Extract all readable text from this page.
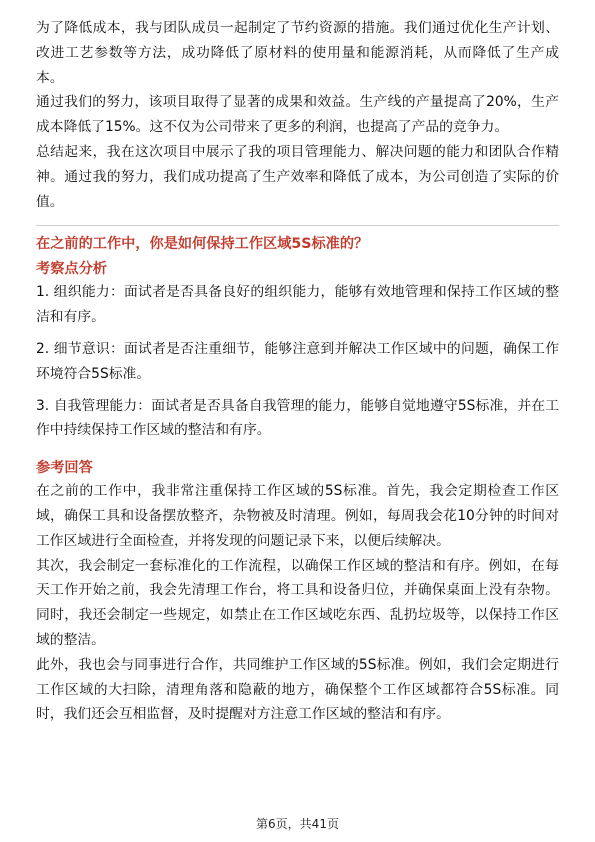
为了降低成本，我与团队成员一起制定了节约资源的措施。我们通过优化生产计划、改进工艺参数等方法，成功降低了原材料的使用量和能源消耗，从而降低了生产成本。

通过我们的努力，该项目取得了显著的成果和效益。生产线的产量提高了20%，生产成本降低了15%。这不仅为公司带来了更多的利润，也提高了产品的竞争力。

总结起来，我在这次项目中展示了我的项目管理能力、解决问题的能力和团队合作精神。通过我的努力，我们成功提高了生产效率和降低了成本，为公司创造了实际的价值。

在之前的工作中，你是如何保持工作区域5S标准的？
考察点分析

1. 组织能力：面试者是否具备良好的组织能力，能够有效地管理和保持工作区域的整洁和有序。

2. 细节意识：面试者是否注重细节，能够注意到并解决工作区域中的问题，确保工作环境符合5S标准。

3. 自我管理能力：面试者是否具备自我管理的能力，能够自觉地遵守5S标准，并在工作中持续保持工作区域的整洁和有序。

参考回答

在之前的工作中，我非常注重保持工作区域的5S标准。首先，我会定期检查工作区域，确保工具和设备摆放整齐，杂物被及时清理。例如，每周我会花10分钟的时间对工作区域进行全面检查，并将发现的问题记录下来，以便后续解决。

其次，我会制定一套标准化的工作流程，以确保工作区域的整洁和有序。例如，在每天工作开始之前，我会先清理工作台，将工具和设备归位，并确保桌面上没有杂物。同时，我还会制定一些规定，如禁止在工作区域吃东西、乱扔垃圾等，以保持工作区域的整洁。

此外，我也会与同事进行合作，共同维护工作区域的5S标准。例如，我们会定期进行工作区域的大扫除，清理角落和隐蔽的地方，确保整个工作区域都符合5S标准。同时，我们还会互相监督，及时提醒对方注意工作区域的整洁和有序。

第6页，共41页
